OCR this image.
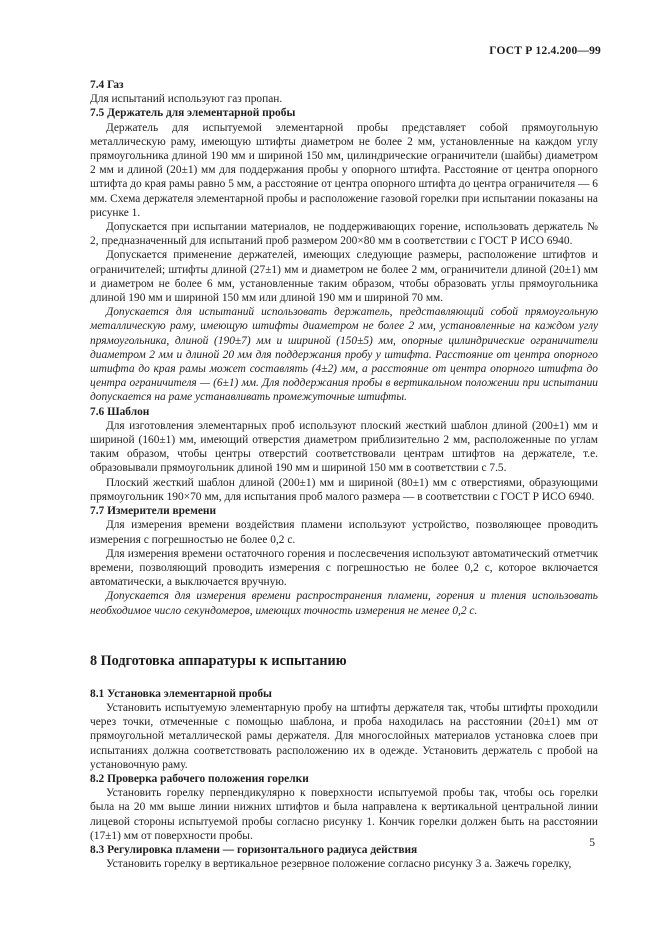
ГОСТ Р 12.4.200—99

7.4 Газ

Для испытаний используют газ пропан.

7.5 Держатель для элементарной пробы

Держатель для испытуемой элементарной пробы представляет собой прямоугольную металлическую раму, имеющую штифты диаметром не более 2 мм, установленные на каждом углу прямоугольника длиной 190 мм и шириной 150 мм, цилиндрические ограничители (шайбы) диаметром 2 мм и длиной (20±1) мм для поддержания пробы у опорного штифта. Расстояние от центра опорного штифта до края рамы равно 5 мм, а расстояние от центра опорного штифта до центра ограничителя — 6 мм. Схема держателя элементарной пробы и расположение газовой горелки при испытании показаны на рисунке 1.

Допускается при испытании материалов, не поддерживающих горение, использовать держатель № 2, предназначенный для испытаний проб размером 200×80 мм в соответствии с ГОСТ Р ИСО 6940.

Допускается применение держателей, имеющих следующие размеры, расположение штифтов и ограничителей; штифты длиной (27±1) мм и диаметром не более 2 мм, ограничители длиной (20±1) мм и диаметром не более 6 мм, установленные таким образом, чтобы образовать углы прямоугольника длиной 190 мм и шириной 150 мм или длиной 190 мм и шириной 70 мм.

Допускается для испытаний использовать держатель, представляющий собой прямоугольную металлическую раму, имеющую штифты диаметром не более 2 мм, установленные на каждом углу прямоугольника, длиной (190±7) мм и шириной (150±5) мм, опорные цилиндрические ограничители диаметром 2 мм и длиной 20 мм для поддержания пробу у штифта. Расстояние от центра опорного штифта до края рамы может составлять (4±2) мм, а расстояние от центра опорного штифта до центра ограничителя — (6±1) мм. Для поддержания пробы в вертикальном положении при испытании допускается на раме устанавливать промежуточные штифты.

7.6 Шаблон

Для изготовления элементарных проб используют плоский жесткий шаблон длиной (200±1) мм и шириной (160±1) мм, имеющий отверстия диаметром приблизительно 2 мм, расположенные по углам таким образом, чтобы центры отверстий соответствовали центрам штифтов на держателе, т.е. образовывали прямоугольник длиной 190 мм и шириной 150 мм в соответствии с 7.5.

Плоский жесткий шаблон длиной (200±1) мм и шириной (80±1) мм с отверстиями, образующими прямоугольник 190×70 мм, для испытания проб малого размера — в соответствии с ГОСТ Р ИСО 6940.

7.7 Измерители времени

Для измерения времени воздействия пламени используют устройство, позволяющее проводить измерения с погрешностью не более 0,2 с.

Для измерения времени остаточного горения и послесвечения используют автоматический отметчик времени, позволяющий проводить измерения с погрешностью не более 0,2 с, которое включается автоматически, а выключается вручную.

Допускается для измерения времени распространения пламени, горения и тления использовать необходимое число секундомеров, имеющих точность измерения не менее 0,2 с.

8 Подготовка аппаратуры к испытанию

8.1 Установка элементарной пробы

Установить испытуемую элементарную пробу на штифты держателя так, чтобы штифты проходили через точки, отмеченные с помощью шаблона, и проба находилась на расстоянии (20±1) мм от прямоугольной металлической рамы держателя. Для многослойных материалов установка слоев при испытаниях должна соответствовать расположению их в одежде. Установить держатель с пробой на установочную раму.

8.2 Проверка рабочего положения горелки

Установить горелку перпендикулярно к поверхности испытуемой пробы так, чтобы ось горелки была на 20 мм выше линии нижних штифтов и была направлена к вертикальной центральной линии лицевой стороны испытуемой пробы согласно рисунку 1. Кончик горелки должен быть на расстоянии (17±1) мм от поверхности пробы.

8.3 Регулировка пламени — горизонтального радиуса действия

Установить горелку в вертикальное резервное положение согласно рисунку 3 а. Зажечь горелку,

5
